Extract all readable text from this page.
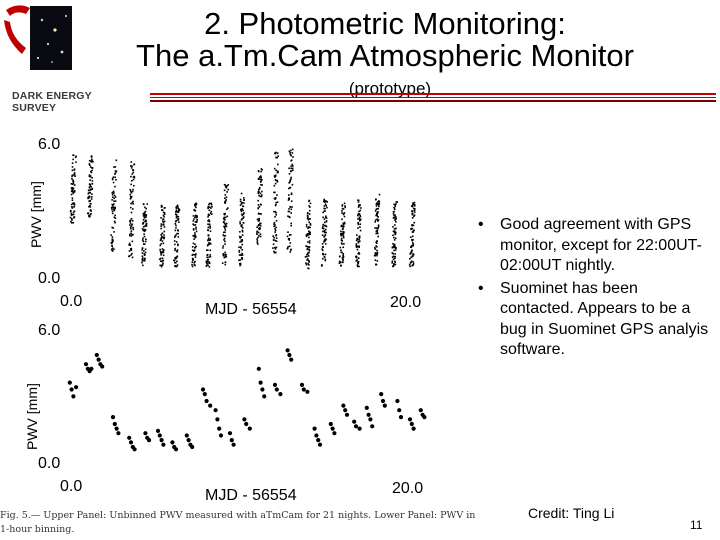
2. Photometric Monitoring:
The a.Tm.Cam Atmospheric Monitor
(prototype)
DARK ENERGY
SURVEY
PWV [mm]
6.0
0.0
0.0	MJD - 56554	20.0
PWV [mm]
6.0
0.0
0.0
MJD - 56554	20.0
• Good agreement with GPS monitor, except for 22:00UT-02:00UT nightly.
• Suominet has been contacted. Appears to be a bug in Suominet GPS analyis software.
Fig. 5.— Upper Panel: Unbinned PWV measured with aTmCam for 21 nights. Lower Panel: PWV in
1-hour binning.
Credit: Ting Li
11
